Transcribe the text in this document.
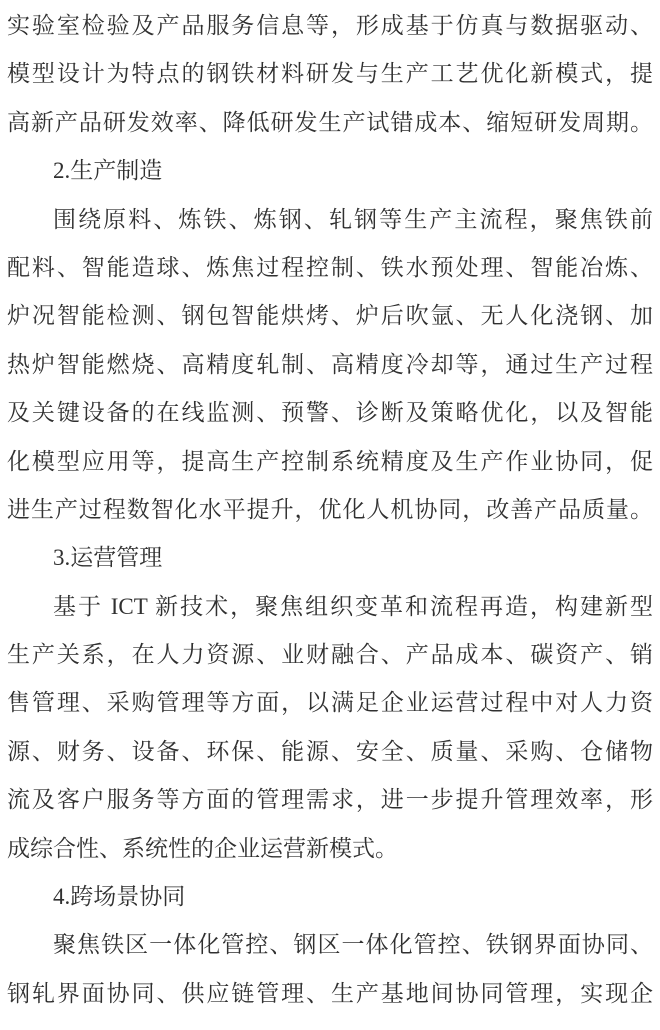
实验室检验及产品服务信息等，形成基于仿真与数据驱动、
模型设计为特点的钢铁材料研发与生产工艺优化新模式，提
高新产品研发效率、降低研发生产试错成本、缩短研发周期。
2.生产制造
围绕原料、炼铁、炼钢、轧钢等生产主流程，聚焦铁前
配料、智能造球、炼焦过程控制、铁水预处理、智能冶炼、
炉况智能检测、钢包智能烘烤、炉后吹氩、无人化浇钢、加
热炉智能燃烧、高精度轧制、高精度冷却等，通过生产过程
及关键设备的在线监测、预警、诊断及策略优化，以及智能
化模型应用等，提高生产控制系统精度及生产作业协同，促
进生产过程数智化水平提升，优化人机协同，改善产品质量。
3.运营管理
基于 ICT 新技术，聚焦组织变革和流程再造，构建新型
生产关系，在人力资源、业财融合、产品成本、碳资产、销
售管理、采购管理等方面，以满足企业运营过程中对人力资
源、财务、设备、环保、能源、安全、质量、采购、仓储物
流及客户服务等方面的管理需求，进一步提升管理效率，形
成综合性、系统性的企业运营新模式。
4.跨场景协同
聚焦铁区一体化管控、钢区一体化管控、铁钢界面协同、
钢轧界面协同、供应链管理、生产基地间协同管理，实现企
